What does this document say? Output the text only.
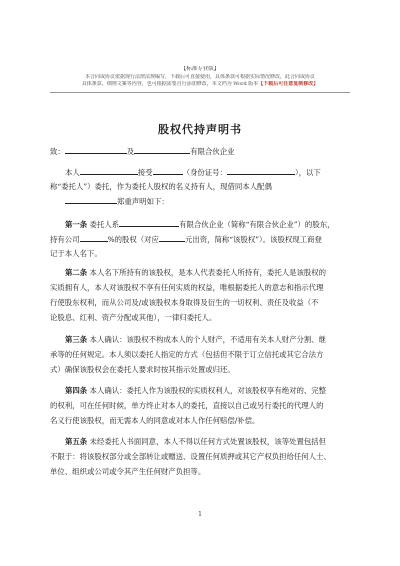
【标准专业版】
本合同或协议依据现行法律法规编写，下载后可直接使用，具体条款可根据实际情况修改，此合同或协议
具体条款、细则文案等内容，也可根据需要自行添加修改，本文档为 Word 版本【下载后可任意复制修改】
股权代持声明书
致：	及	有限合伙企业
本人	接受	（身份证号：	），以下
称“委托人”）委托，作为委托人股权的名义持有人，现借同本人配偶
郑重声明如下：
第一条 委托人系	有限合伙企业（简称“有限合伙企业”）的股东，
持有公司	%的股权（对应	元出资，简称“该股权”）。该股权现工商登
记于本人名下。
第二条 本人名下所持有的该股权，是本人代表委托人所持有，委托人是该股权的
实质拥有人，本人对该股权不享有任何实质的权益，唯根据委托人的意志和指示代理
行使股东权利，而从公司及/或该股权本身取得及衍生的一切权利、责任及收益（不
论股息、红利、资产分配或其他），一律归委托人。
第三条 本人确认：该股权不构成本人的个人财产，不适用有关本人财产分割、继
承等的任何规定。本人须以委托人指定的方式（包括但不限于订立信托或其它合法方
式）确保该股权会在委托人要求时按其指示处置或归还。
第四条 本人确认：委托人作为该股权的实质权利人，对该股权享有绝对的、完整
的权利，可在任何时候，单方终止对本人的委托，直接以自己或另行委托的代理人的
名义行使该股权，而无需本人的同意或对本人作任何赔偿/补偿。
第五条 未经委托人书面同意，本人不得以任何方式处置该股权，该等处置包括但
不限于：将该股权部分或全部转让或赠送、设置任何质押或其它产权负担给任何人士、
单位、组织或公司或令其产生任何财产负担等。
1
